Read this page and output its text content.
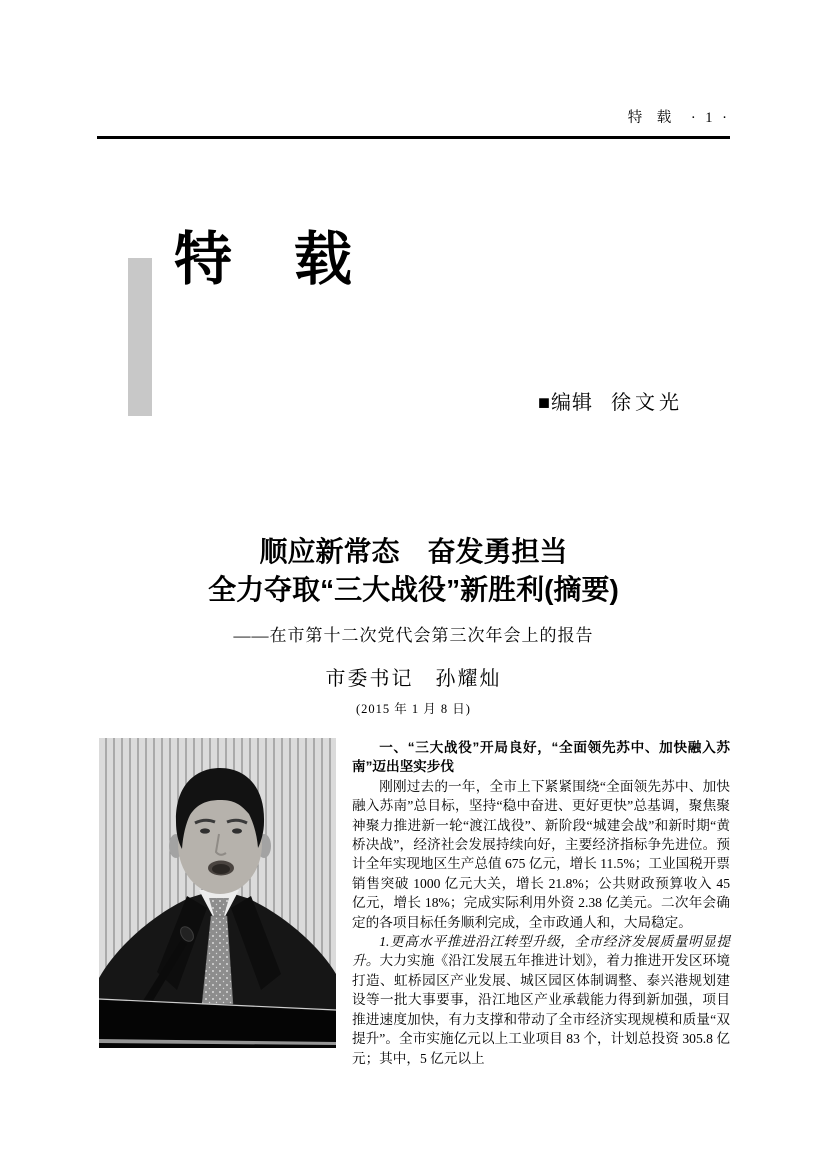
特　载 · 1 ·
特　载
■编辑 徐文光
顺应新常态　奋发勇担当
全力夺取“三大战役”新胜利(摘要)

——在市第十二次党代会第三次年会上的报告

市委书记　孙耀灿

(2015 年 1 月 8 日)

一、“三大战役”开局良好，“全面领先苏中、加快融入苏南”迈出坚实步伐

刚刚过去的一年，全市上下紧紧围绕“全面领先苏中、加快融入苏南”总目标，坚持“稳中奋进、更好更快”总基调，聚焦聚神聚力推进新一轮“渡江战役”、新阶段“城建会战”和新时期“黄桥决战”，经济社会发展持续向好，主要经济指标争先进位。预计全年实现地区生产总值 675 亿元，增长 11.5%；工业国税开票销售突破 1000 亿元大关，增长 21.8%；公共财政预算收入 45 亿元，增长 18%；完成实际利用外资 2.38 亿美元。二次年会确定的各项目标任务顺利完成，全市政通人和，大局稳定。

1.更高水平推进沿江转型升级，全市经济发展质量明显提升。大力实施《沿江发展五年推进计划》，着力推进开发区环境打造、虹桥园区产业发展、城区园区体制调整、泰兴港规划建设等一批大事要事，沿江地区产业承载能力得到新加强，项目推进速度加快，有力支撑和带动了全市经济实现规模和质量“双提升”。全市实施亿元以上工业项目 83 个，计划总投资 305.8 亿元；其中，5 亿元以上
